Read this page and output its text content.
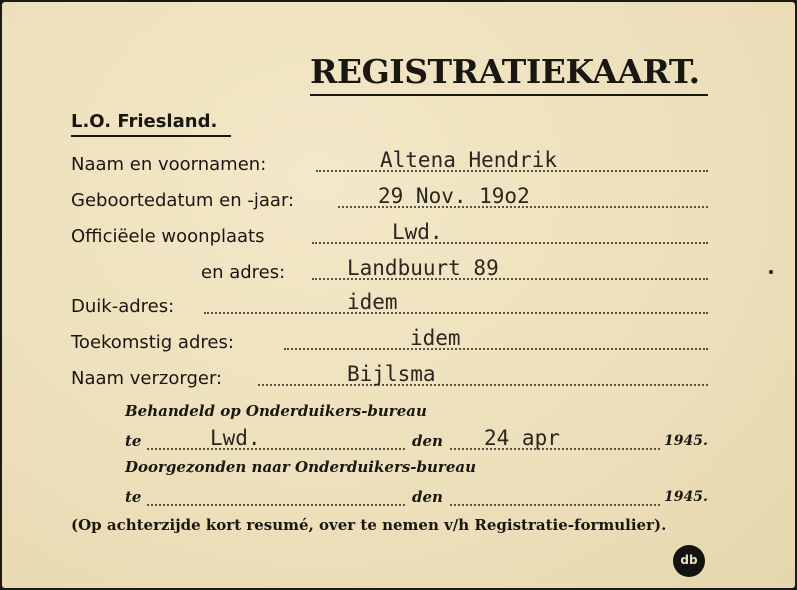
REGISTRATIEKAART.
L.O. Friesland.
Naam en voornamen:	Altena Hendrik
Geboortedatum en -jaar:	29 Nov. 19o2
Officiëele woonplaats	Lwd.
en adres:	Landbuurt 89
Duik-adres:	idem
Toekomstig adres:	idem
Naam verzorger:	Bijlsma
Behandeld op Onderduikers-bureau
te	Lwd.	den 24 apr	1945.
Doorgezonden naar Onderduikers-bureau
te	den	1945.
(Op achterzijde kort resumé, over te nemen v/h Registratie-formulier).
db
